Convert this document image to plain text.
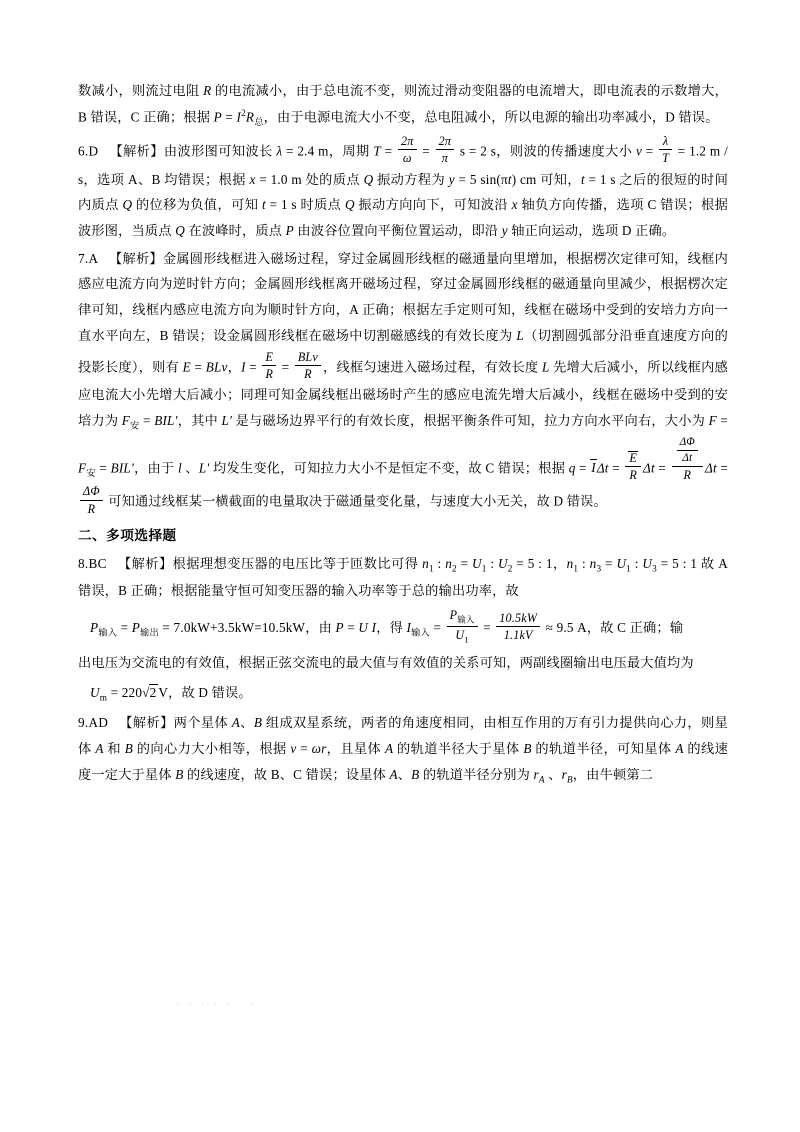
数减小，则流过电阻 R 的电流减小，由于总电流不变，则流过滑动变阻器的电流增大，即电流表的示数增大，B 错误，C 正确；根据 $P = I^2R_总$，由于电源电流大小不变，总电阻减小，所以电源的输出功率减小，D 错误。

6.D 【解析】由波形图可知波长 λ = 2.4 m，周期 $T = \frac{2\pi}{\omega} = \frac{2\pi}{\pi}$ s = 2 s，则波的传播速度大小 $v = \frac{\lambda}{T} = 1.2$ m / s，选项 A、B 均错误；根据 x = 1.0 m 处的质点 Q 振动方程为 y = 5 sin(πt) cm 可知，t = 1 s 之后的很短的时间内质点 Q 的位移为负值，可知 t = 1 s 时质点 Q 振动方向向下，可知波沿 x 轴负方向传播，选项 C 错误；根据波形图，当质点 Q 在波峰时，质点 P 由波谷位置向平衡位置运动，即沿 y 轴正向运动，选项 D 正确。

7.A 【解析】金属圆形线框进入磁场过程，穿过金属圆形线框的磁通量向里增加，根据楞次定律可知，线框内感应电流方向为逆时针方向；金属圆形线框离开磁场过程，穿过金属圆形线框的磁通量向里减少，根据楞次定律可知，线框内感应电流方向为顺时针方向，A 正确；根据左手定则可知，线框在磁场中受到的安培力方向一直水平向左，B 错误；设金属圆形线框在磁场中切割磁感线的有效长度为 L（切割圆弧部分沿垂直速度方向的投影长度），则有 E = BLv，$I = \frac{E}{R} = \frac{\text{BLv}}{R}$ ，线框匀速进入磁场过程，有效长度 L 先增大后减小，所以线框内感应电流大小先增大后减小；同理可知金属线框出磁场时产生的感应电流先增大后减小，线框在磁场中受到的安培力为 $F_安 = BIL'$，其中 L′ 是与磁场边界平行的有效长度，根据平衡条件可知，拉力方向水平向右，大小为 $F = F_安 = BIL'$，由于 l 、L′ 均发生变化，可知拉力大小不是恒定不变，故 C 错误；根据 $q = I\Delta t = \frac{E}{R}$ $\Delta t = \frac{\frac{\Delta\Phi}{\Delta t}}{R}$ Δt =
$\frac{\Delta\Phi}{R}$ 可知通过线框某一横截面的电量取决于磁通量变化量，与速度大小无关，故 D 错误。

二、多项选择题

8.BC 【解析】根据理想变压器的电压比等于匝数比可得 $n_1$ : $n_2 = U_1$ : $U_2 = 5$ : 1，$n_1$ : $n_3 = U_1$ : $U_3 = 5$ : 1 故 A 错误，B 正确；根据能量守恒可知变压器的输入功率等于总的输出功率，故
$P_{输入} = P_{输出} = 7.0kW+3.5kW=10.5kW$，由 P = U I，得 $I_{输入} = \frac{P_{输入}}{U_1} = \frac{10.5kW}{1.1kV} \approx 9.5$ A，故 C 正确；输
出电压为交流电的有效值，根据正弦交流电的最大值与有效值的关系可知，两副线圈输出电压最大值均为
$U_m = 220√2$ V，故 D 错误。

9.AD 【解析】两个星体 A、B 组成双星系统，两者的角速度相同，由相互作用的万有引力提供向心力，则星体 A 和 B 的向心力大小相等，根据 v = ωr，且星体 A 的轨道半径大于星体 B 的轨道半径，可知星体 A 的线速度一定大于星体 B 的线速度，故 B、C 错误；设星体 A、B 的轨道半径分别为 $r_A$ 、$r_B$，由牛顿第二

· · · · · · ·
